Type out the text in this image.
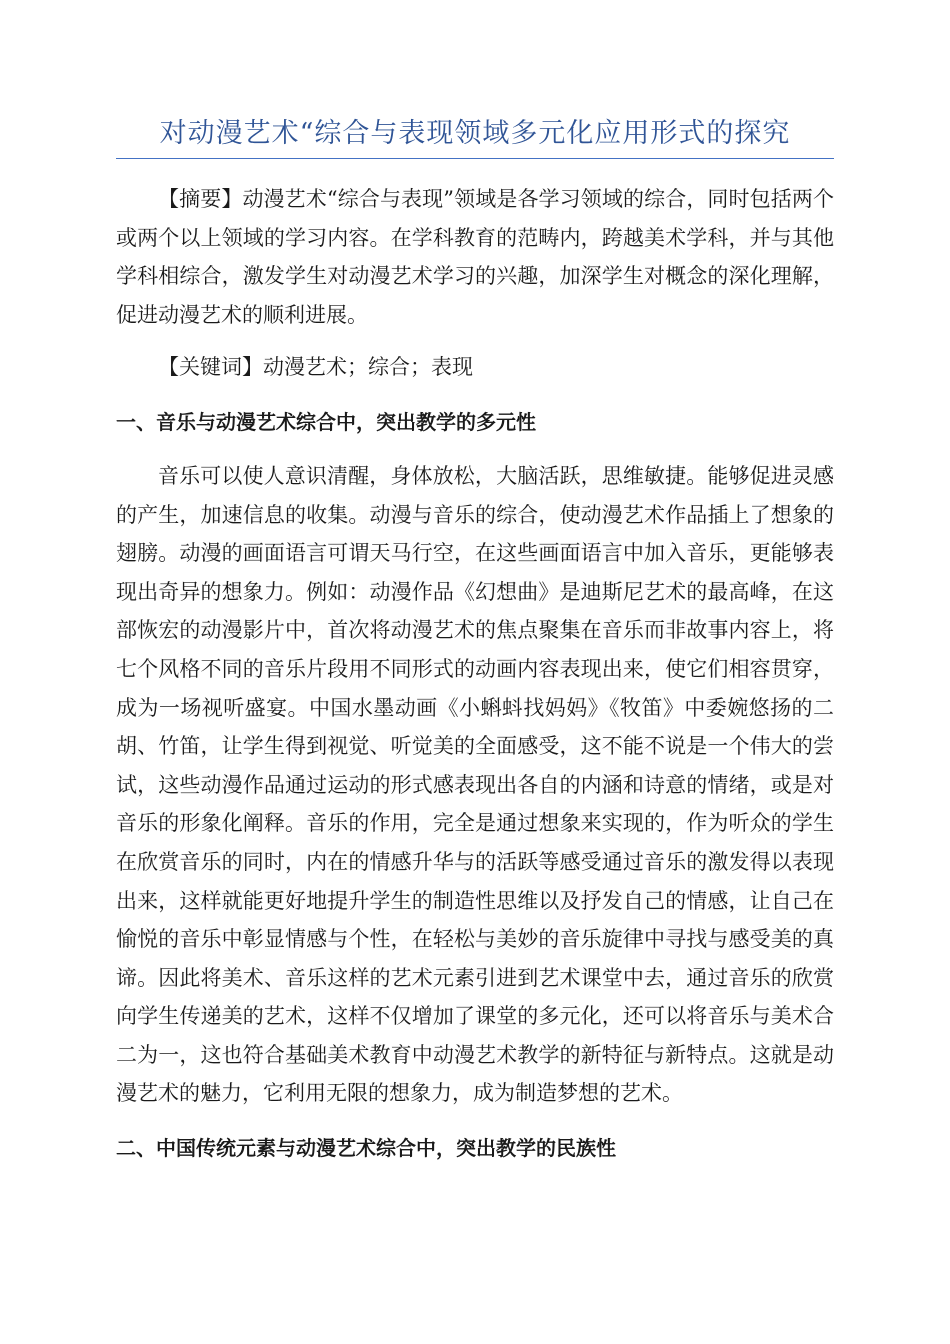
对动漫艺术“综合与表现领域多元化应用形式的探究

【摘要】动漫艺术“综合与表现”领域是各学习领域的综合，同时包括两个或两个以上领域的学习内容。在学科教育的范畴内，跨越美术学科，并与其他学科相综合，激发学生对动漫艺术学习的兴趣，加深学生对概念的深化理解，促进动漫艺术的顺利进展。

【关键词】动漫艺术；综合；表现

一、音乐与动漫艺术综合中，突出教学的多元性

音乐可以使人意识清醒，身体放松，大脑活跃，思维敏捷。能够促进灵感的产生，加速信息的收集。动漫与音乐的综合，使动漫艺术作品插上了想象的翅膀。动漫的画面语言可谓天马行空，在这些画面语言中加入音乐，更能够表现出奇异的想象力。例如：动漫作品《幻想曲》是迪斯尼艺术的最高峰，在这部恢宏的动漫影片中，首次将动漫艺术的焦点聚集在音乐而非故事内容上，将七个风格不同的音乐片段用不同形式的动画内容表现出来，使它们相容贯穿，成为一场视听盛宴。中国水墨动画《小蝌蚪找妈妈》《牧笛》中委婉悠扬的二胡、竹笛，让学生得到视觉、听觉美的全面感受，这不能不说是一个伟大的尝试，这些动漫作品通过运动的形式感表现出各自的内涵和诗意的情绪，或是对音乐的形象化阐释。音乐的作用，完全是通过想象来实现的，作为听众的学生在欣赏音乐的同时，内在的情感升华与的活跃等感受通过音乐的激发得以表现出来，这样就能更好地提升学生的制造性思维以及抒发自己的情感，让自己在愉悦的音乐中彰显情感与个性，在轻松与美妙的音乐旋律中寻找与感受美的真谛。因此将美术、音乐这样的艺术元素引进到艺术课堂中去，通过音乐的欣赏向学生传递美的艺术，这样不仅增加了课堂的多元化，还可以将音乐与美术合二为一，这也符合基础美术教育中动漫艺术教学的新特征与新特点。这就是动漫艺术的魅力，它利用无限的想象力，成为制造梦想的艺术。

二、中国传统元素与动漫艺术综合中，突出教学的民族性
